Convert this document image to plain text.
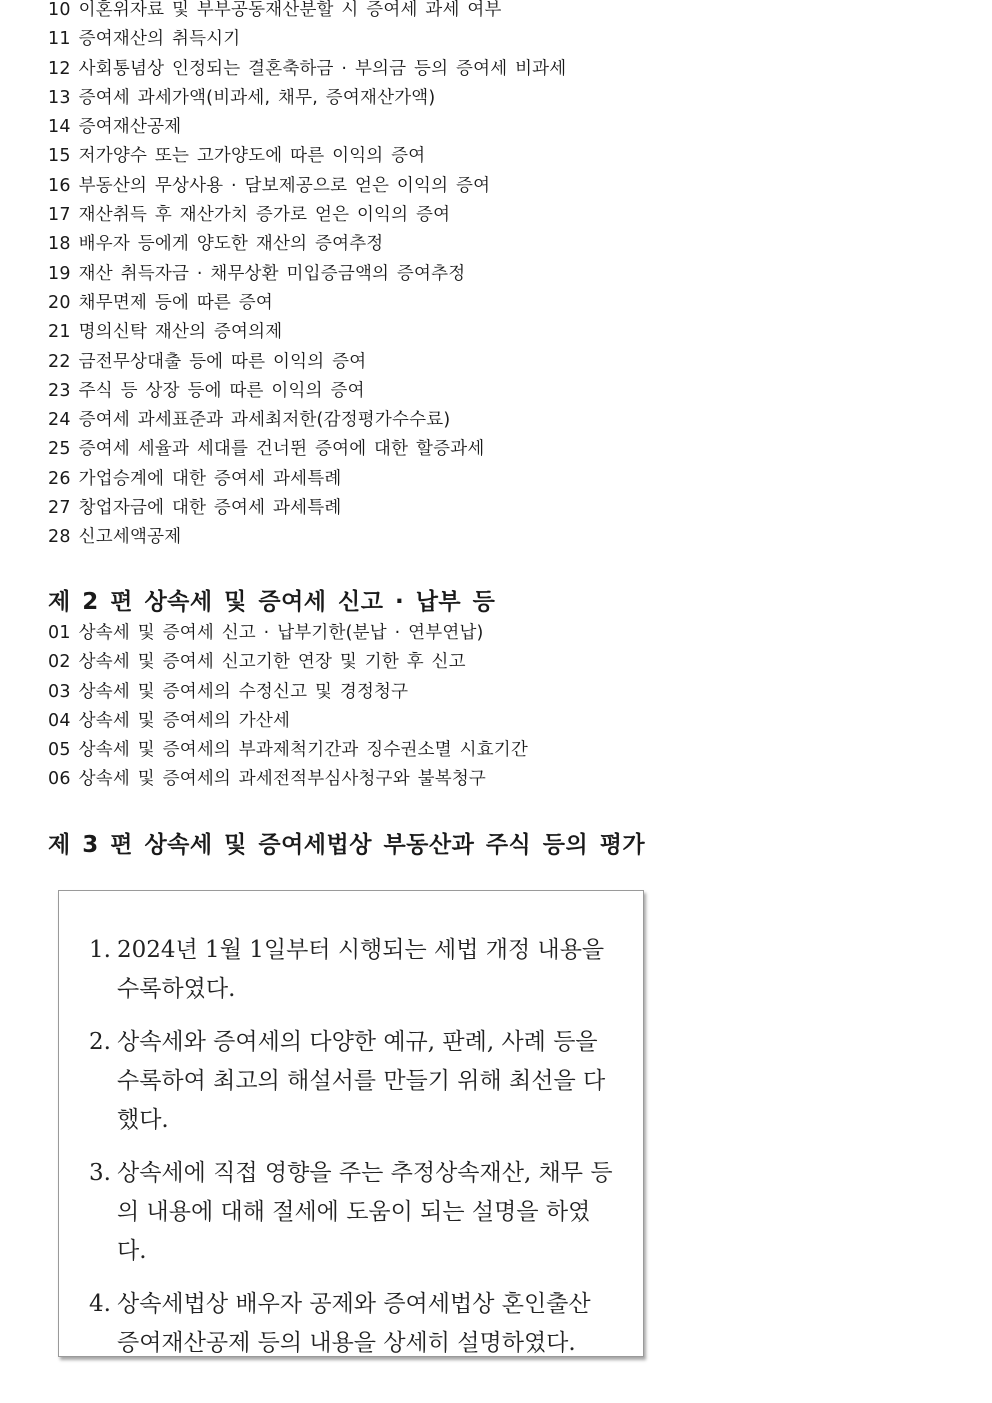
10 이혼위자료 및 부부공동재산분할 시 증여세 과세 여부
11 증여재산의 취득시기
12 사회통념상 인정되는 결혼축하금 · 부의금 등의 증여세 비과세
13 증여세 과세가액(비과세, 채무, 증여재산가액)
14 증여재산공제
15 저가양수 또는 고가양도에 따른 이익의 증여
16 부동산의 무상사용 · 담보제공으로 얻은 이익의 증여
17 재산취득 후 재산가치 증가로 얻은 이익의 증여
18 배우자 등에게 양도한 재산의 증여추정
19 재산 취득자금 · 채무상환 미입증금액의 증여추정
20 채무면제 등에 따른 증여
21 명의신탁 재산의 증여의제
22 금전무상대출 등에 따른 이익의 증여
23 주식 등 상장 등에 따른 이익의 증여
24 증여세 과세표준과 과세최저한(감정평가수수료)
25 증여세 세율과 세대를 건너뛴 증여에 대한 할증과세
26 가업승계에 대한 증여세 과세특례
27 창업자금에 대한 증여세 과세특례
28 신고세액공제
제 2 편 상속세 및 증여세 신고 · 납부 등
01 상속세 및 증여세 신고 · 납부기한(분납 · 연부연납)
02 상속세 및 증여세 신고기한 연장 및 기한 후 신고
03 상속세 및 증여세의 수정신고 및 경정청구
04 상속세 및 증여세의 가산세
05 상속세 및 증여세의 부과제척기간과 징수권소멸 시효기간
06 상속세 및 증여세의 과세전적부심사청구와 불복청구
제 3 편 상속세 및 증여세법상 부동산과 주식 등의 평가
1. 2024년 1월 1일부터 시행되는 세법 개정 내용을 수록하였다.
2. 상속세와 증여세의 다양한 예규, 판례, 사례 등을 수록하여 최고의 해설서를 만들기 위해 최선을 다했다.
3. 상속세에 직접 영향을 주는 추정상속재산, 채무 등의 내용에 대해 절세에 도움이 되는 설명을 하였다.
4. 상속세법상 배우자 공제와 증여세법상 혼인출산 증여재산공제 등의 내용을 상세히 설명하였다.
